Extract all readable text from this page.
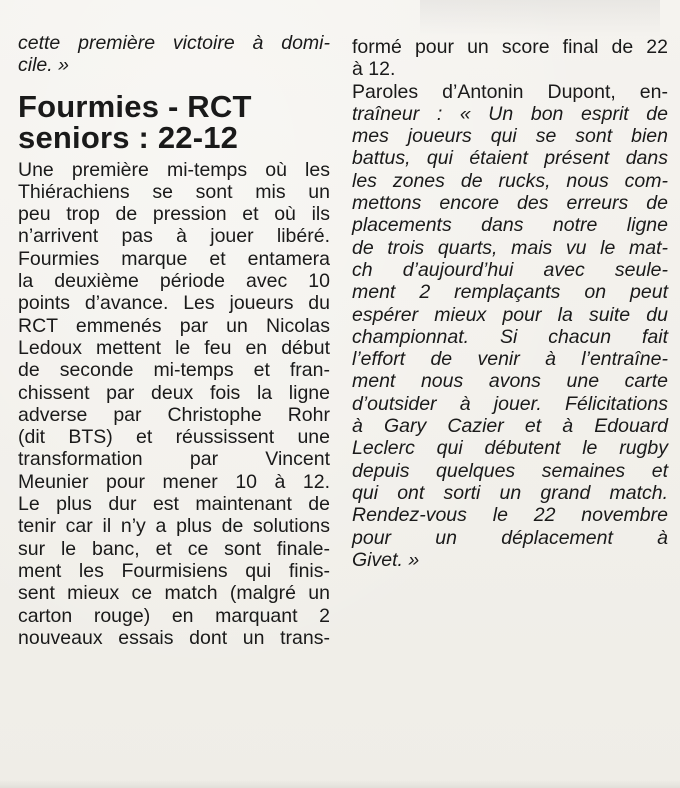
cette première victoire à domi-
cile. »
Fourmies - RCT
seniors : 22-12
Une première mi-temps où les
Thiérachiens se sont mis un
peu trop de pression et où ils
n’arrivent pas à jouer libéré.
Fourmies marque et entamera
la deuxième période avec 10
points d’avance. Les joueurs du
RCT emmenés par un Nicolas
Ledoux mettent le feu en début
de seconde mi-temps et fran-
chissent par deux fois la ligne
adverse par Christophe Rohr
(dit BTS) et réussissent une
transformation par Vincent
Meunier pour mener 10 à 12.
Le plus dur est maintenant de
tenir car il n’y a plus de solutions
sur le banc, et ce sont finale-
ment les Fourmisiens qui finis-
sent mieux ce match (malgré un
carton rouge) en marquant 2
nouveaux essais dont un trans-
formé pour un score final de 22
à 12.
Paroles d’Antonin Dupont, en-
traîneur : « Un bon esprit de
mes joueurs qui se sont bien
battus, qui étaient présent dans
les zones de rucks, nous com-
mettons encore des erreurs de
placements dans notre ligne
de trois quarts, mais vu le mat-
ch d’aujourd’hui avec seule-
ment 2 remplaçants on peut
espérer mieux pour la suite du
championnat. Si chacun fait
l’effort de venir à l’entraîne-
ment nous avons une carte
d’outsider à jouer. Félicitations
à Gary Cazier et à Edouard
Leclerc qui débutent le rugby
depuis quelques semaines et
qui ont sorti un grand match.
Rendez-vous le 22 novembre
pour un déplacement à
Givet. »
